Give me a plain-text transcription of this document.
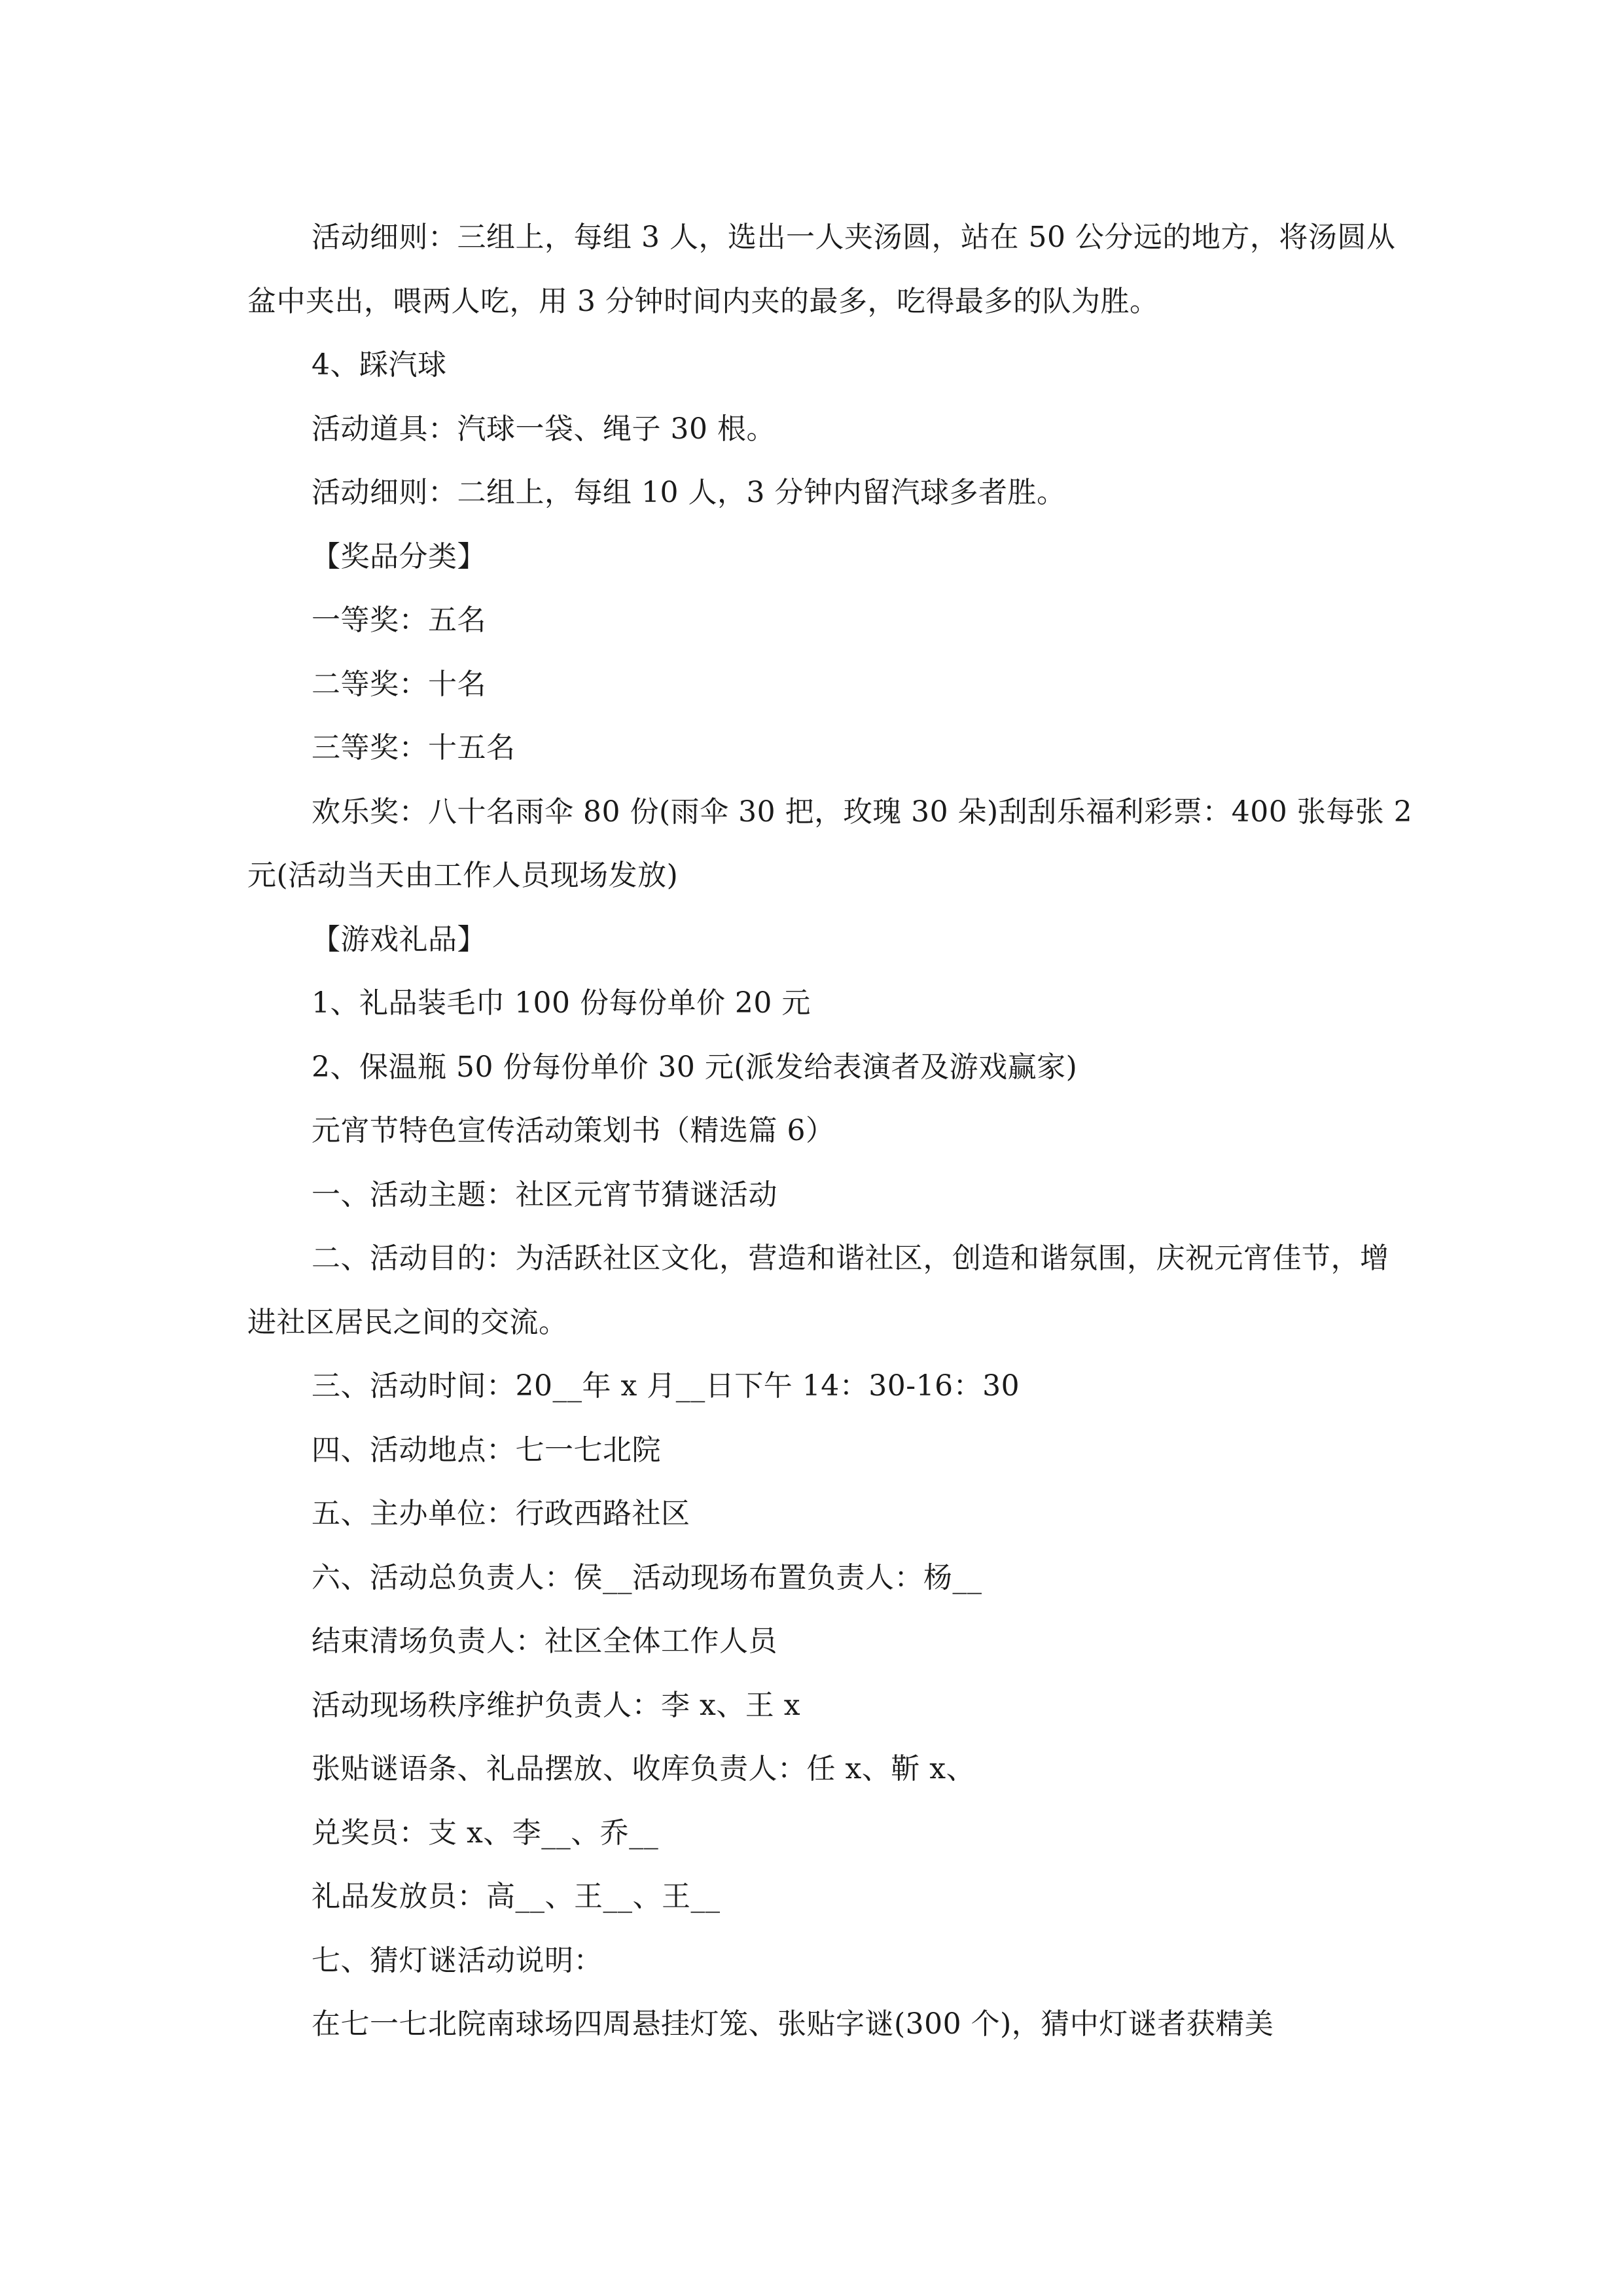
活动细则：三组上，每组 3 人，选出一人夹汤圆，站在 50 公分远的地方，将汤圆从盆中夹出，喂两人吃，用 3 分钟时间内夹的最多，吃得最多的队为胜。

4、踩汽球

活动道具：汽球一袋、绳子 30 根。

活动细则：二组上，每组 10 人，3 分钟内留汽球多者胜。

【奖品分类】

一等奖：五名

二等奖：十名

三等奖：十五名

欢乐奖：八十名雨伞 80 份(雨伞 30 把，玫瑰 30 朵)刮刮乐福利彩票：400 张每张 2 元(活动当天由工作人员现场发放)

【游戏礼品】

1、礼品装毛巾 100 份每份单价 20 元

2、保温瓶 50 份每份单价 30 元(派发给表演者及游戏赢家)

元宵节特色宣传活动策划书（精选篇 6）

一、活动主题：社区元宵节猜谜活动

二、活动目的：为活跃社区文化，营造和谐社区，创造和谐氛围，庆祝元宵佳节，增进社区居民之间的交流。

三、活动时间：20__年 x 月__日下午 14：30-16：30

四、活动地点：七一七北院

五、主办单位：行政西路社区

六、活动总负责人：侯__活动现场布置负责人：杨__

结束清场负责人：社区全体工作人员

活动现场秩序维护负责人：李 x、王 x

张贴谜语条、礼品摆放、收库负责人：任 x、靳 x、

兑奖员：支 x、李__、乔__

礼品发放员：高__、王__、王__

七、猜灯谜活动说明：

在七一七北院南球场四周悬挂灯笼、张贴字谜(300 个)，猜中灯谜者获精美
